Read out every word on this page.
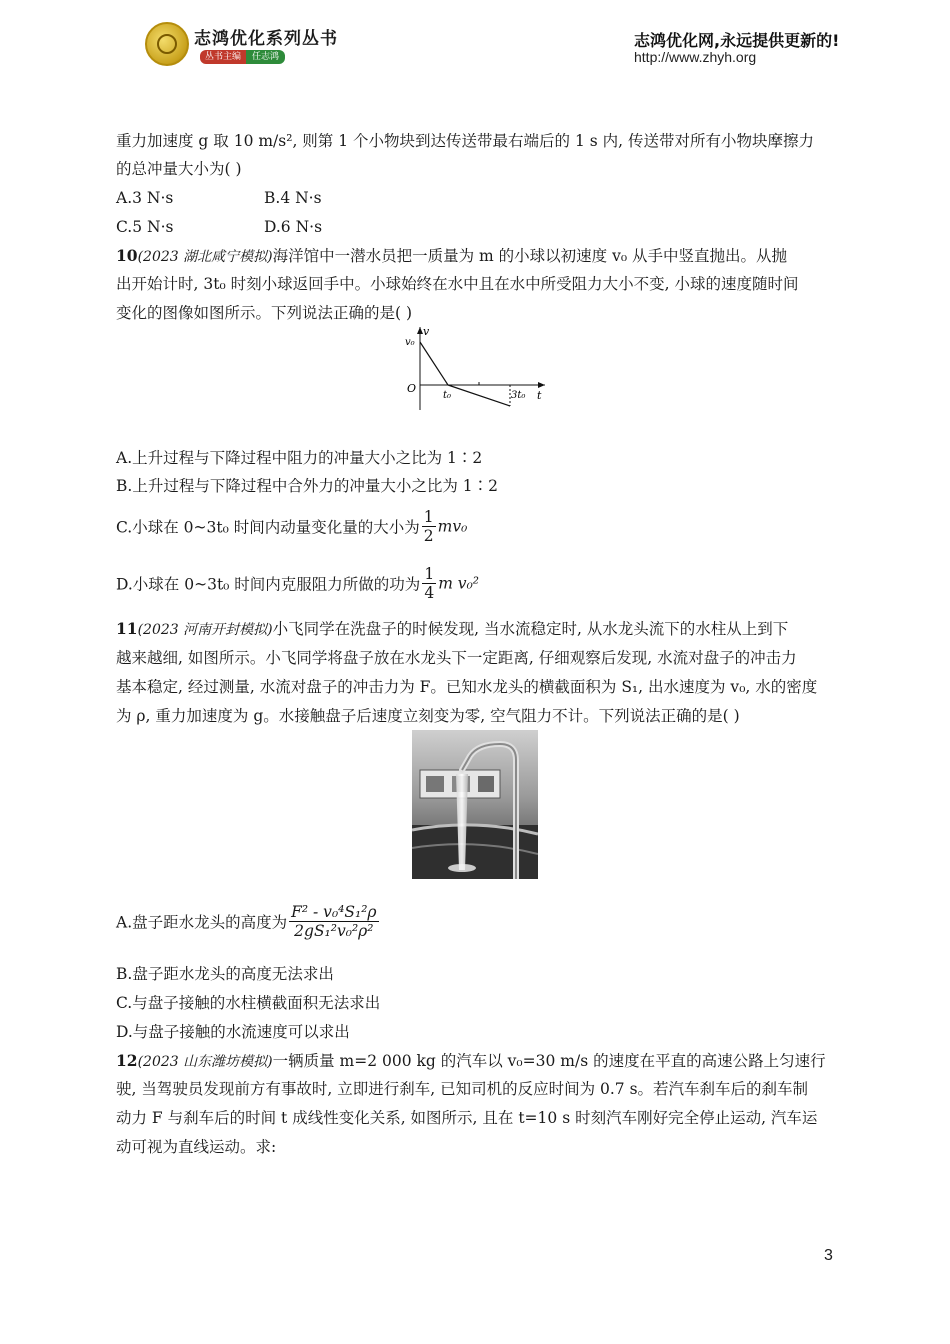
志鸿优化系列丛书
丛书主编 任志鸿
志鸿优化网,永远提供更新的!
http://www.zhyh.org
重力加速度 g 取 10 m/s², 则第 1 个小物块到达传送带最右端后的 1 s 内, 传送带对所有小物块摩擦力
的总冲量大小为( )
A.3 N·s	B.4 N·s
C.5 N·s	D.6 N·s
10(2023 湖北咸宁模拟)海洋馆中一潜水员把一质量为 m 的小球以初速度 v₀ 从手中竖直抛出。从抛
出开始计时, 3t₀ 时刻小球返回手中。小球始终在水中且在水中所受阻力大小不变, 小球的速度随时间
变化的图像如图所示。下列说法正确的是( )
v
v₀
O
t₀	3t₀ t
A.上升过程与下降过程中阻力的冲量大小之比为 1∶2
B.上升过程与下降过程中合外力的冲量大小之比为 1∶2
C.小球在 0~3t₀ 时间内动量变化量的大小为 $\frac{1}{2} mv_0$
D.小球在 0~3t₀ 时间内克服阻力所做的功为 $\frac{1}{4}$ m v₀²
11(2023 河南开封模拟)小飞同学在洗盘子的时候发现, 当水流稳定时, 从水龙头流下的水柱从上到下
越来越细, 如图所示。小飞同学将盘子放在水龙头下一定距离, 仔细观察后发现, 水流对盘子的冲击力
基本稳定, 经过测量, 水流对盘子的冲击力为 F。已知水龙头的横截面积为 S₁, 出水速度为 v₀, 水的密度
为 ρ, 重力加速度为 g。水接触盘子后速度立刻变为零, 空气阻力不计。下列说法正确的是( )
A.盘子距水龙头的高度为 $\frac{\text{F² - v₀⁴S₁²ρ}}{\text{2gS₁²v₀²ρ²}}$
B.盘子距水龙头的高度无法求出
C.与盘子接触的水柱横截面积无法求出
D.与盘子接触的水流速度可以求出
12(2023 山东潍坊模拟)一辆质量 m=2 000 kg 的汽车以 v₀=30 m/s 的速度在平直的高速公路上匀速行
驶, 当驾驶员发现前方有事故时, 立即进行刹车, 已知司机的反应时间为 0.7 s。若汽车刹车后的刹车制
动力 F 与刹车后的时间 t 成线性变化关系, 如图所示, 且在 t=10 s 时刻汽车刚好完全停止运动, 汽车运
动可视为直线运动。求:
3
